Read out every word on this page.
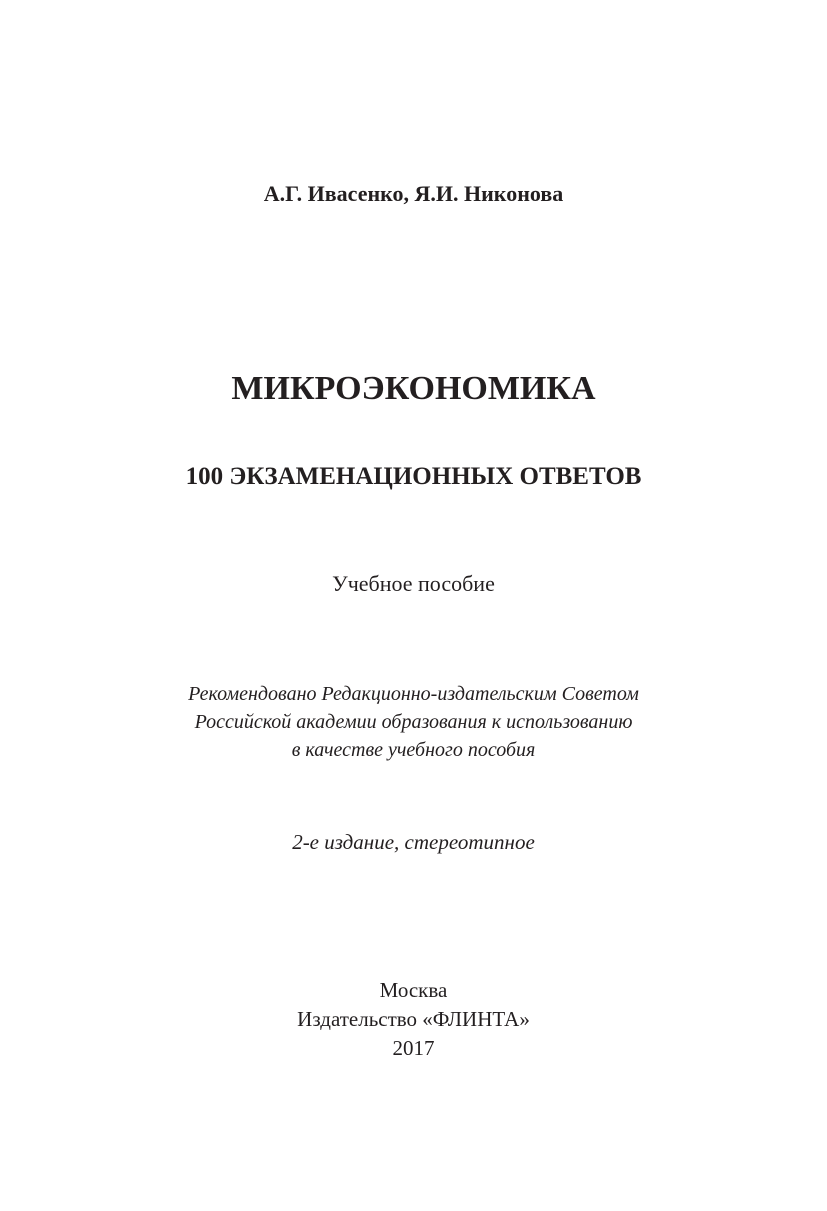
А.Г. Ивасенко, Я.И. Никонова
МИКРОЭКОНОМИКА
100 ЭКЗАМЕНАЦИОННЫХ ОТВЕТОВ
Учебное пособие
Рекомендовано Редакционно-издательским Советом
Российской академии образования к использованию
в качестве учебного пособия
2-е издание, стереотипное
Москва
Издательство «ФЛИНТА»
2017
